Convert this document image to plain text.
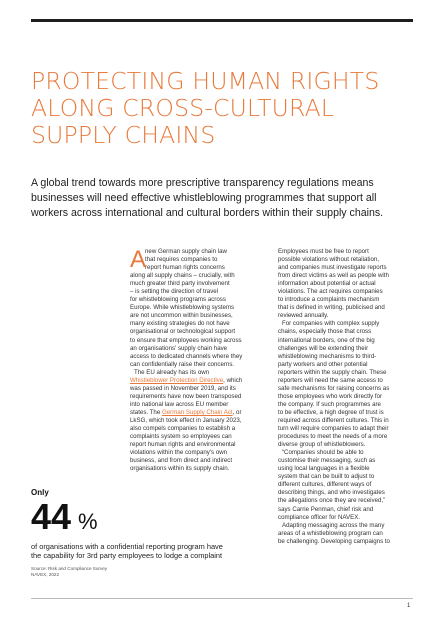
PROTECTING HUMAN RIGHTS
ALONG CROSS-CULTURAL
SUPPLY CHAINS
A global trend towards more prescriptive transparency regulations means
businesses will need effective whistleblowing programmes that support all
workers across international and cultural borders within their supply chains.
A
new German supply chain law
that requires companies to
report human rights concerns
along all supply chains – crucially, with
much greater third party involvement
– is setting the direction of travel
for whistleblowing programs across
Europe. While whistleblowing systems
are not uncommon within businesses,
many existing strategies do not have
organisational or technological support
to ensure that employees working across
an organisations' supply chain have
access to dedicated channels where they
can confidentially raise their concerns.
The EU already has its own
Whistleblower Protection Directive, which
was passed in November 2019, and its
requirements have now been transposed
into national law across EU member
states. The German Supply Chain Act, or
LkSG, which took effect in January 2023,
also compels companies to establish a
complaints system so employees can
report human rights and environmental
violations within the company's own
business, and from direct and indirect
organisations within its supply chain.
Employees must be free to report
possible violations without retaliation,
and companies must investigate reports
from direct victims as well as people with
information about potential or actual
violations. The act requires companies
to introduce a complaints mechanism
that is defined in writing, publicised and
reviewed annually.
For companies with complex supply
chains, especially those that cross
international borders, one of the big
challenges will be extending their
whistleblowing mechanisms to third-
party workers and other potential
reporters within the supply chain. These
reporters will need the same access to
safe mechanisms for raising concerns as
those employees who work directly for
the company. If such programmes are
to be effective, a high degree of trust is
required across different cultures. This in
turn will require companies to adapt their
procedures to meet the needs of a more
diverse group of whistleblowers.
“Companies should be able to
customise their messaging, such as
using local languages in a flexible
system that can be built to adjust to
different cultures, different ways of
describing things, and who investigates
the allegations once they are received,”
says Carrie Penman, chief risk and
compliance officer for NAVEX.
Adapting messaging across the many
areas of a whistleblowing program can
be challenging. Developing campaigns to
Only
44 %
of organisations with a confidential reporting program have
the capability for 3rd party employees to lodge a complaint
Source: Risk and Compliance Survey
NAVEX, 2022
1
